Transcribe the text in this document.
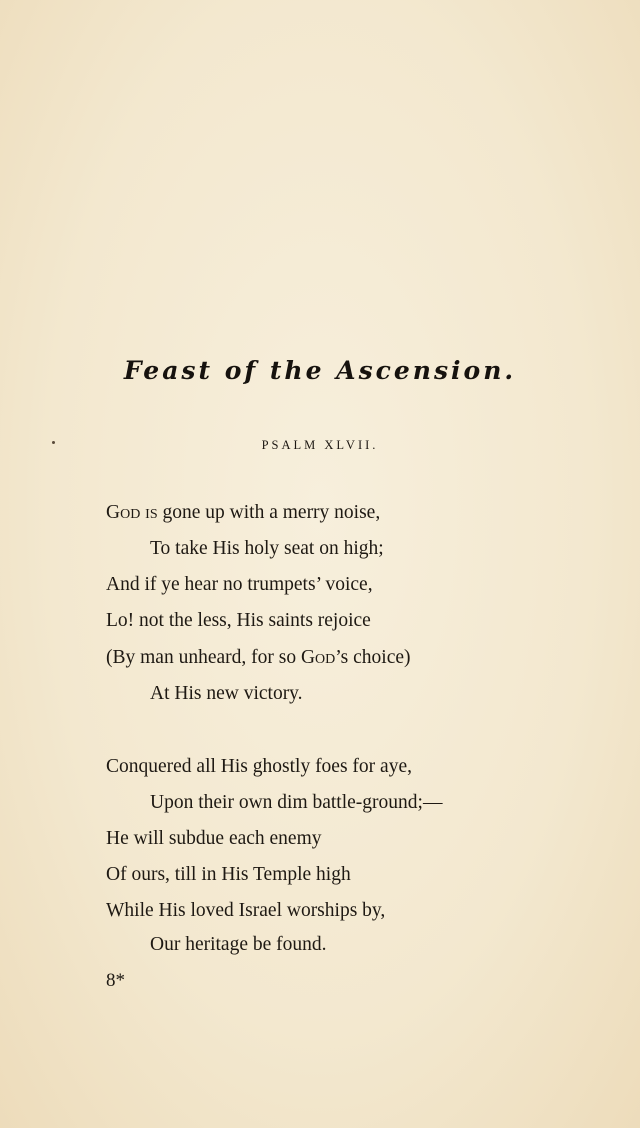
Feast of the Ascension.
PSALM XLVII.
God is gone up with a merry noise,
To take His holy seat on high;
And if ye hear no trumpets’ voice,
Lo! not the less, His saints rejoice
(By man unheard, for so God’s choice)
At His new victory.
Conquered all His ghostly foes for aye,
Upon their own dim battle-ground;—
He will subdue each enemy
Of ours, till in His Temple high
While His loved Israel worships by,
Our heritage be found.
8*
